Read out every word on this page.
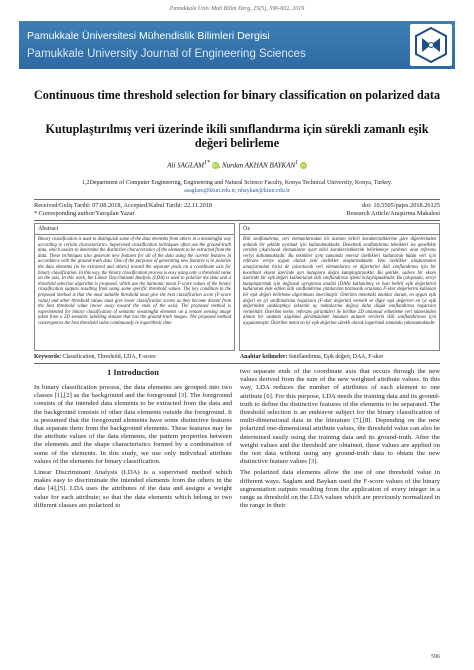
Pamukkale Univ Muh Bilim Derg, 25(5), 596-602, 2019
Pamukkale Üniversitesi Mühendislik Bilimleri Dergisi
Pamukkale University Journal of Engineering Sciences
Continuous time threshold selection for binary classification on polarized data
Kutuplaştırılmış veri üzerinde ikili sınıflandırma için sürekli zamanlı eşik değeri belirleme
Ali $SAGLAM^{1*}$ iD, Nurdan AKHAN BAYKAN$^1$ iD
1,2Department of Computer Engineering, Engineering and Natural Science Faculty, Konya Technical University, Konya, Turkey.
asaglam@ktun.edu.tr, nbaykan@ktun.edu.tr
Received/Geliş Tarihi: 07.08.2018, Accepted/Kabul Tarihi: 22.11.2018	doi: 10.5505/pajes.2018.26125
* Corresponding author/Yazışılan Yazar	Research Article/Araştırma Makalesi
Abstract
Binary classification is used to distinguish some of the data elements from others in a meaningful way according to certain characteristics. Supervised classification techniques often use the ground-truth data, which assists to determine the distinctive characteristics of the elements to be extracted from the data. These techniques also generate new features for all of the data using the current features in accordance with the ground-truth data. One of the purposes of generating new features is to polarize the data elements (to be extracted and others) toward the separate pools on a coordinate axis for binary classification. In this way, the binary classification process is easy using only a threshold value on the axis. In this work, the Linear Discriminant Analysis (LDA) is used to polarize the data and a threshold selection algorithm is proposed, which use the harmonic mean F-score values of the binary classification outputs resulting from using some specific threshold values. The key condition in the proposed method is that the most suitable threshold must give the best classification score (F-score value) and other threshold values must give lower classification scores as they become distant from the best threshold value (move away toward the ends of the axis). The proposed method is experimented for binary classification of semantic meaningful elements on a remote sensing image taken from a 2D semantic labelling dataset that has the ground-truth images. The proposed method convergences the best threshold value continuously in logarithmic time.
Öz
İkili sınıflandırma, veri elemanlarından bir kısmını belirli karakteristiklerine göre diğerlerinden anlamlı bir şekilde ayırmak için kullanılmaktadır. Denetimli sınıflandırma teknikleri ise genellikle veriden çıkarılacak elemanların ayırt edici karakteristiklerini belirlemeye yardımcı olan referans veriyi kullanmaktadır. Bu teknikler aynı zamanda mevcut özellikleri kullanarak bütün veri için referans veriye uygun olarak yeni özellikler oluşturmaktadır. Yeni özellikler oluşturmanın amaçlarından birisi de çıkarılacak veri elemanlarını ve diğerlerini ikili sınıflandırma için bir koordinat ekseni üzerinde ayrı kutuplara doğru kutuplaştırmaktır. Bu şekilde, sadece bir eksen üzerinde bir eşik değeri kullanılarak ikili sınıflandırma işlemi kolaylaşmaktadır. Bu çalışmada, veriyi kutuplaştırmak için doğrusal ayrıştırma analizi (DAA) kullanılmış ve bazı belirli eşik değerlerini kullanarak elde edilen ikili sınıflandırma çıktılarının harmonik ortalama F-skor değerlerini kullanan bir eşik değeri belirleme algoritması önerilmiştir. Önerilen metottaki anahtar durum, en uygun eşik değeri en iyi sınıflandırma başarısını (F-skor değerini) vermeli ve diğer eşik değerleri en iyi eşik değerinden uzaklaştıkça (eksenin uç noktalarına doğru) daha düşük sınıflandırma başarısını vermelidir. Önerilen metot, referans görüntüleri ile birlikte 2D anlamsal etiketleme veri kümesinden alınan bir uzaktan algılama görüntüsünde bulunan anlamlı verilerin ikili sınıflandırması için uygulanmıştır. Önerilen metot en iyi eşik değerine sürekli olarak logaritmik zamanda yakınsamaktadır.
Keywords: Classification, Threshold, LDA, F-score	Anahtar kelimeler: Sınıflandırma, Eşik değeri, DAA, F-skor
1 Introduction

In binary classification process, the data elements are grouped into two classes [1],[2] as the background and the foreground [3]. The foreground consists of the intended data elements to be extracted from the data and the background consists of other data elements outside the foreground. It is presumed that the foreground elements have some distinctive features that separate them from the background elements. These features may be the attribute values of the data elements, the pattern properties between the elements and the shape characteristics formed by a combination of some of the elements. In this study, we use only individual attribute values of the elements for binary classification.

Linear Discriminant Analysis (LDA) is a supervised method which makes easy to discriminate the intended elements from the others in the data [4],[5]. LDA uses the attributes of the data and assigns a weight value for each attribute; so that the data elements which belong to two different classes are polarized to

two separate ends of the coordinate axis that occurs through the new values derived from the sum of the new weighted attribute values. In this way, LDA reduces the number of attributes of each element to one attribute [6]. For this purpose, LDA needs the training data and its ground-truth to define the distinctive features of the elements to be separated. The threshold selection is an endeavor subject for the binary classification of multi-dimensional data in the literature [7],[8]. Depending on the new polarized one-dimensional attribute values, the threshold value can also be determined easily using the training data and its ground-truth. After the weight values and the threshold are obtained, these values are applied on the test data without using any ground-truth data to obtain the new distinctive feature values [3].

The polarized data elements allow the use of one threshold value in different ways. Saglam and Baykan used the F-score values of the binary segmentation outputs resulting from the application of every integer in a range as threshold on the LDA values which are previously normalized in the range in their

596
